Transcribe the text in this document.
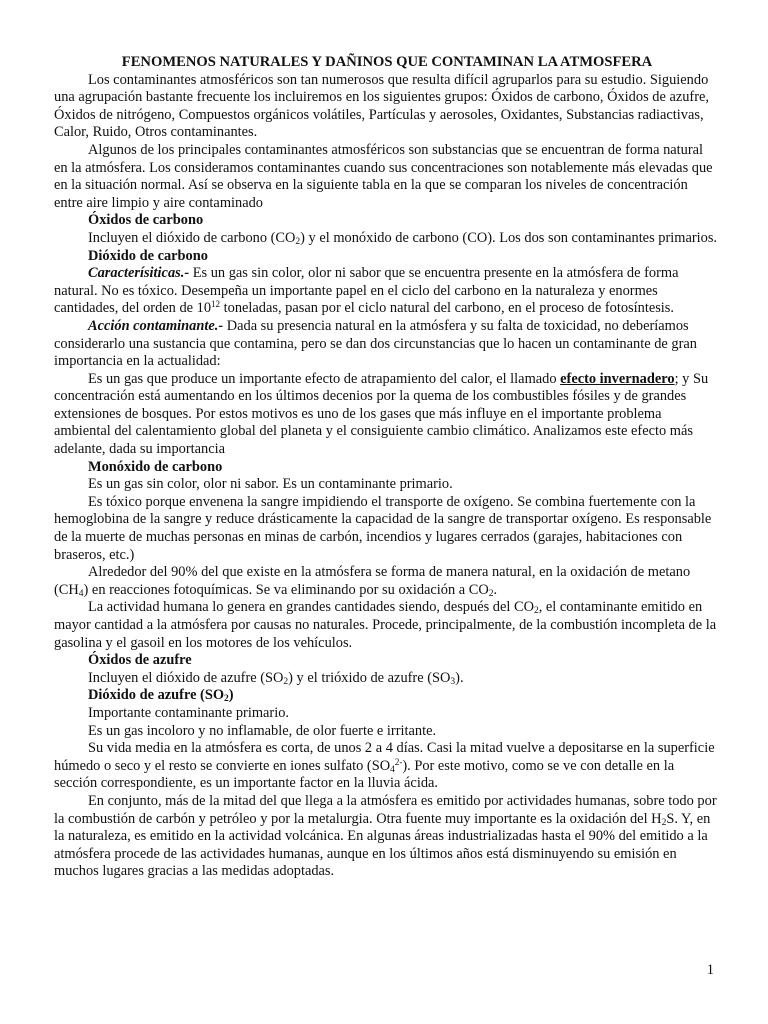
FENOMENOS NATURALES Y DAÑINOS QUE CONTAMINAN LA ATMOSFERA

Los contaminantes atmosféricos son tan numerosos que resulta difícil agruparlos para su estudio. Siguiendo una agrupación bastante frecuente los incluiremos en los siguientes grupos: Óxidos de carbono, Óxidos de azufre, Óxidos de nitrógeno, Compuestos orgánicos volátiles, Partículas y aerosoles, Oxidantes, Substancias radiactivas, Calor, Ruido, Otros contaminantes.

Algunos de los principales contaminantes atmosféricos son substancias que se encuentran de forma natural en la atmósfera. Los consideramos contaminantes cuando sus concentraciones son notablemente más elevadas que en la situación normal. Así se observa en la siguiente tabla en la que se comparan los niveles de concentración entre aire limpio y aire contaminado

Óxidos de carbono

Incluyen el dióxido de carbono $(CO_2)$ y el monóxido de carbono (CO). Los dos son contaminantes primarios.

Dióxido de carbono

Caracterísiticas.- Es un gas sin color, olor ni sabor que se encuentra presente en la atmósfera de forma natural. No es tóxico. Desempeña un importante papel en el ciclo del carbono en la naturaleza y enormes cantidades, del orden de $10^{12}$ toneladas, pasan por el ciclo natural del carbono, en el proceso de fotosíntesis.

Acción contaminante.- Dada su presencia natural en la atmósfera y su falta de toxicidad, no deberíamos considerarlo una sustancia que contamina, pero se dan dos circunstancias que lo hacen un contaminante de gran importancia en la actualidad:

Es un gas que produce un importante efecto de atrapamiento del calor, el llamado efecto invernadero; y Su concentración está aumentando en los últimos decenios por la quema de los combustibles fósiles y de grandes extensiones de bosques. Por estos motivos es uno de los gases que más influye en el importante problema ambiental del calentamiento global del planeta y el consiguiente cambio climático. Analizamos este efecto más adelante, dada su importancia

Monóxido de carbono

Es un gas sin color, olor ni sabor. Es un contaminante primario.

Es tóxico porque envenena la sangre impidiendo el transporte de oxígeno. Se combina fuertemente con la hemoglobina de la sangre y reduce drásticamente la capacidad de la sangre de transportar oxígeno. Es responsable de la muerte de muchas personas en minas de carbón, incendios y lugares cerrados (garajes, habitaciones con braseros, etc.)

Alrededor del 90% del que existe en la atmósfera se forma de manera natural, en la oxidación de metano $(CH_4)$ en reacciones fotoquímicas. Se va eliminando por su oxidación a $CO_2$.

La actividad humana lo genera en grandes cantidades siendo, después del $CO_2$, el contaminante emitido en mayor cantidad a la atmósfera por causas no naturales. Procede, principalmente, de la combustión incompleta de la gasolina y el gasoil en los motores de los vehículos.

Óxidos de azufre

Incluyen el dióxido de azufre $(SO_2)$ y el trióxido de azufre $(SO_3)$.

Dióxido de azufre $(SO_2)$

Importante contaminante primario.

Es un gas incoloro y no inflamable, de olor fuerte e irritante.

Su vida media en la atmósfera es corta, de unos 2 a 4 días. Casi la mitad vuelve a depositarse en la superficie húmedo o seco y el resto se convierte en iones sulfato $(SO_4^{2-})$. Por este motivo, como se ve con detalle en la sección correspondiente, es un importante factor en la lluvia ácida.

En conjunto, más de la mitad del que llega a la atmósfera es emitido por actividades humanas, sobre todo por la combustión de carbón y petróleo y por la metalurgia. Otra fuente muy importante es la oxidación del $H_2S$. Y, en la naturaleza, es emitido en la actividad volcánica. En algunas áreas industrializadas hasta el 90% del emitido a la atmósfera procede de las actividades humanas, aunque en los últimos años está disminuyendo su emisión en muchos lugares gracias a las medidas adoptadas.

1
